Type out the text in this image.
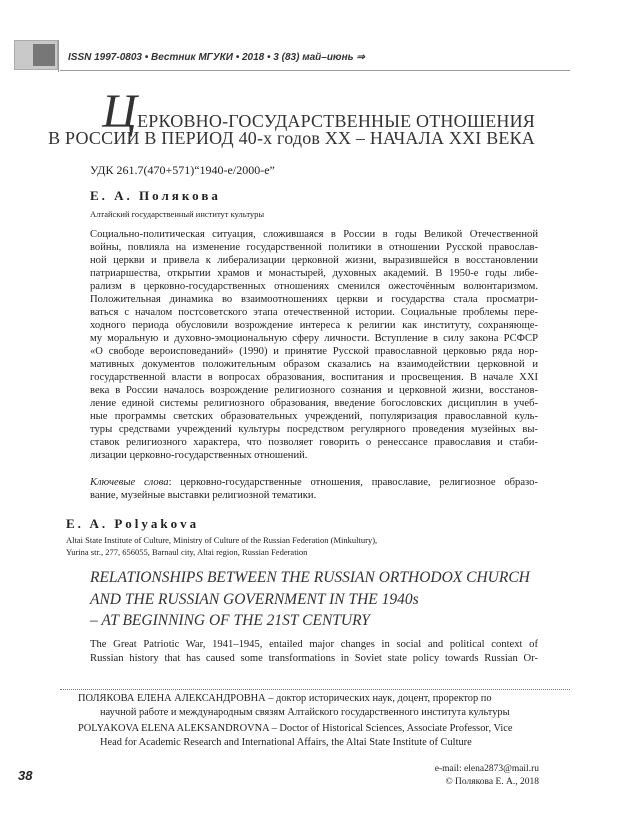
ISSN 1997-0803 • Вестник МГУКИ • 2018 • 3 (83) май–июнь ⇒
ЦЕРКОВНО-ГОСУДАРСТВЕННЫЕ ОТНОШЕНИЯ
В РОССИИ В ПЕРИОД 40-х годов XX – НАЧАЛА XXI ВЕКА
УДК 261.7(470+571)“1940-е/2000-е”
Е. А. Полякова
Алтайский государственный институт культуры
Социально-политическая ситуация, сложившаяся в России в годы Великой Отечественной
войны, повлияла на изменение государственной политики в отношении Русской православ-
ной церкви и привела к либерализации церковной жизни, выразившейся в восстановлении
патриаршества, открытии храмов и монастырей, духовных академий. В 1950-е годы либе-
рализм в церковно-государственных отношениях сменился ожесточённым волюнтаризмом.
Положительная динамика во взаимоотношениях церкви и государства стала просматри-
ваться с началом постсоветского этапа отечественной истории. Социальные проблемы пере-
ходного периода обусловили возрождение интереса к религии как институту, сохраняюще-
му моральную и духовно-эмоциональную сферу личности. Вступление в силу закона РСФСР
«О свободе вероисповеданий» (1990) и принятие Русской православной церковью ряда нор-
мативных документов положительным образом сказались на взаимодействии церковной и
государственной власти в вопросах образования, воспитания и просвещения. В начале XXI
века в России началось возрождение религиозного сознания и церковной жизни, восстанов-
ление единой системы религиозного образования, введение богословских дисциплин в учеб-
ные программы светских образовательных учреждений, популяризация православной куль-
туры средствами учреждений культуры посредством регулярного проведения музейных вы-
ставок религиозного характера, что позволяет говорить о ренессансе православия и стаби-
лизации церковно-государственных отношений.
Ключевые слова: церковно-государственные отношения, православие, религиозное образо-
вание, музейные выставки религиозной тематики.
E. A. Polyakova
Altai State Institute of Culture, Ministry of Culture of the Russian Federation (Minkultury),
Yurina str., 277, 656055, Barnaul city, Altai region, Russian Federation
RELATIONSHIPS BETWEEN THE RUSSIAN ORTHODOX CHURCH
AND THE RUSSIAN GOVERNMENT IN THE 1940s
– AT BEGINNING OF THE 21ST CENTURY
The Great Patriotic War, 1941–1945, entailed major changes in social and political context of
Russian history that has caused some transformations in Soviet state policy towards Russian Or-
ПОЛЯКОВА ЕЛЕНА АЛЕКСАНДРОВНА – доктор исторических наук, доцент, проректор по
научной работе и международным связям Алтайского государственного института культуры
POLYAKOVA ELENA ALEKSANDROVNA – Doctor of Historical Sciences, Associate Professor, Vice
Head for Academic Research and International Affairs, the Altai State Institute of Culture
e-mail: elena2873@mail.ru
© Полякова Е. А., 2018
38
